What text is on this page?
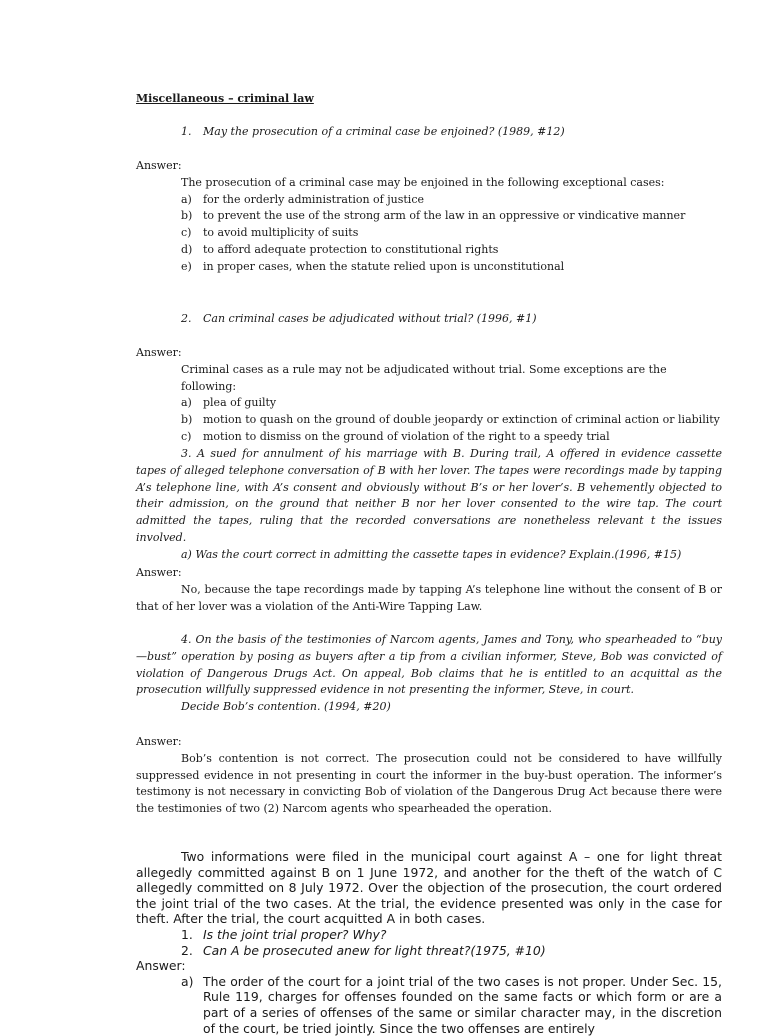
Miscellaneous – criminal law
1. May the prosecution of a criminal case be enjoined? (1989, #12)
Answer:
The prosecution of a criminal case may be enjoined in the following exceptional cases:
a) for the orderly administration of justice
b) to prevent the use of the strong arm of the law in an oppressive or vindicative manner
c) to avoid multiplicity of suits
d) to afford adequate protection to constitutional rights
e) in proper cases, when the statute relied upon is unconstitutional
2. Can criminal cases be adjudicated without trial? (1996, #1)
Answer:
Criminal cases as a rule may not be adjudicated without trial. Some exceptions are the following:
a) plea of guilty
b) motion to quash on the ground of double jeopardy or extinction of criminal action or liability
c) motion to dismiss on the ground of violation of the right to a speedy trial
3. A sued for annulment of his marriage with B. During trail, A offered in evidence cassette tapes of alleged telephone conversation of B with her lover. The tapes were recordings made by tapping A’s telephone line, with A’s consent and obviously without B’s or her lover’s. B vehemently objected to their admission, on the ground that neither B nor her lover consented to the wire tap. The court admitted the tapes, ruling that the recorded conversations are nonetheless relevant t the issues involved.
a) Was the court correct in admitting the cassette tapes in evidence? Explain.(1996, #15)
Answer:
No, because the tape recordings made by tapping A’s telephone line without the consent of B or that of her lover was a violation of the Anti-Wire Tapping Law.
4. On the basis of the testimonies of Narcom agents, James and Tony, who spearheaded to “buy—bust” operation by posing as buyers after a tip from a civilian informer, Steve, Bob was convicted of violation of Dangerous Drugs Act. On appeal, Bob claims that he is entitled to an acquittal as the prosecution willfully suppressed evidence in not presenting the informer, Steve, in court.
Decide Bob’s contention. (1994, #20)
Answer:
Bob’s contention is not correct. The prosecution could not be considered to have willfully suppressed evidence in not presenting in court the informer in the buy-bust operation. The informer’s testimony is not necessary in convicting Bob of violation of the Dangerous Drug Act because there were the testimonies of two (2) Narcom agents who spearheaded the operation.
Two informations were filed in the municipal court against A – one for light threat allegedly committed against B on 1 June 1972, and another for the theft of the watch of C allegedly committed on 8 July 1972. Over the objection of the prosecution, the court ordered the joint trial of the two cases. At the trial, the evidence presented was only in the case for theft. After the trial, the court acquitted A in both cases.
1. Is the joint trial proper? Why?
2. Can A be prosecuted anew for light threat?(1975, #10)
Answer:
a) The order of the court for a joint trial of the two cases is not proper. Under Sec. 15, Rule 119, charges for offenses founded on the same facts or which form or are a part of a series of offenses of the same or similar character may, in the discretion of the court, be tried jointly. Since the two offenses are entirely
